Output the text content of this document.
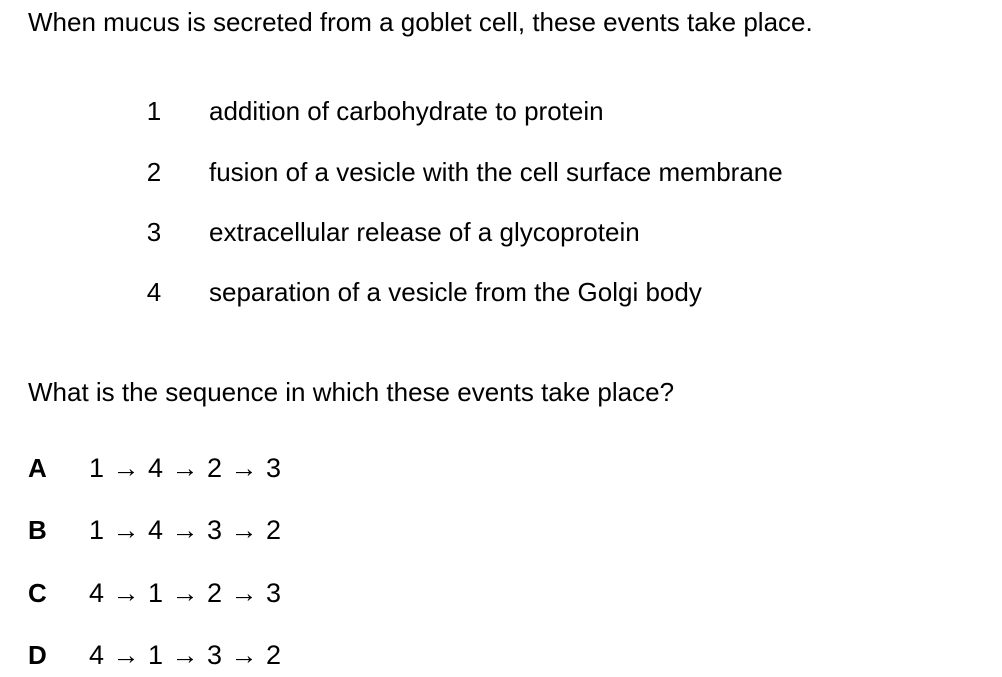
When mucus is secreted from a goblet cell, these events take place.
1 addition of carbohydrate to protein
2 fusion of a vesicle with the cell surface membrane
3 extracellular release of a glycoprotein
4 separation of a vesicle from the Golgi body
What is the sequence in which these events take place?
A 1 → 4 → 2 → 3
B 1 → 4 → 3 → 2
C 4 → 1 → 2 → 3
D 4 → 1 → 3 → 2
